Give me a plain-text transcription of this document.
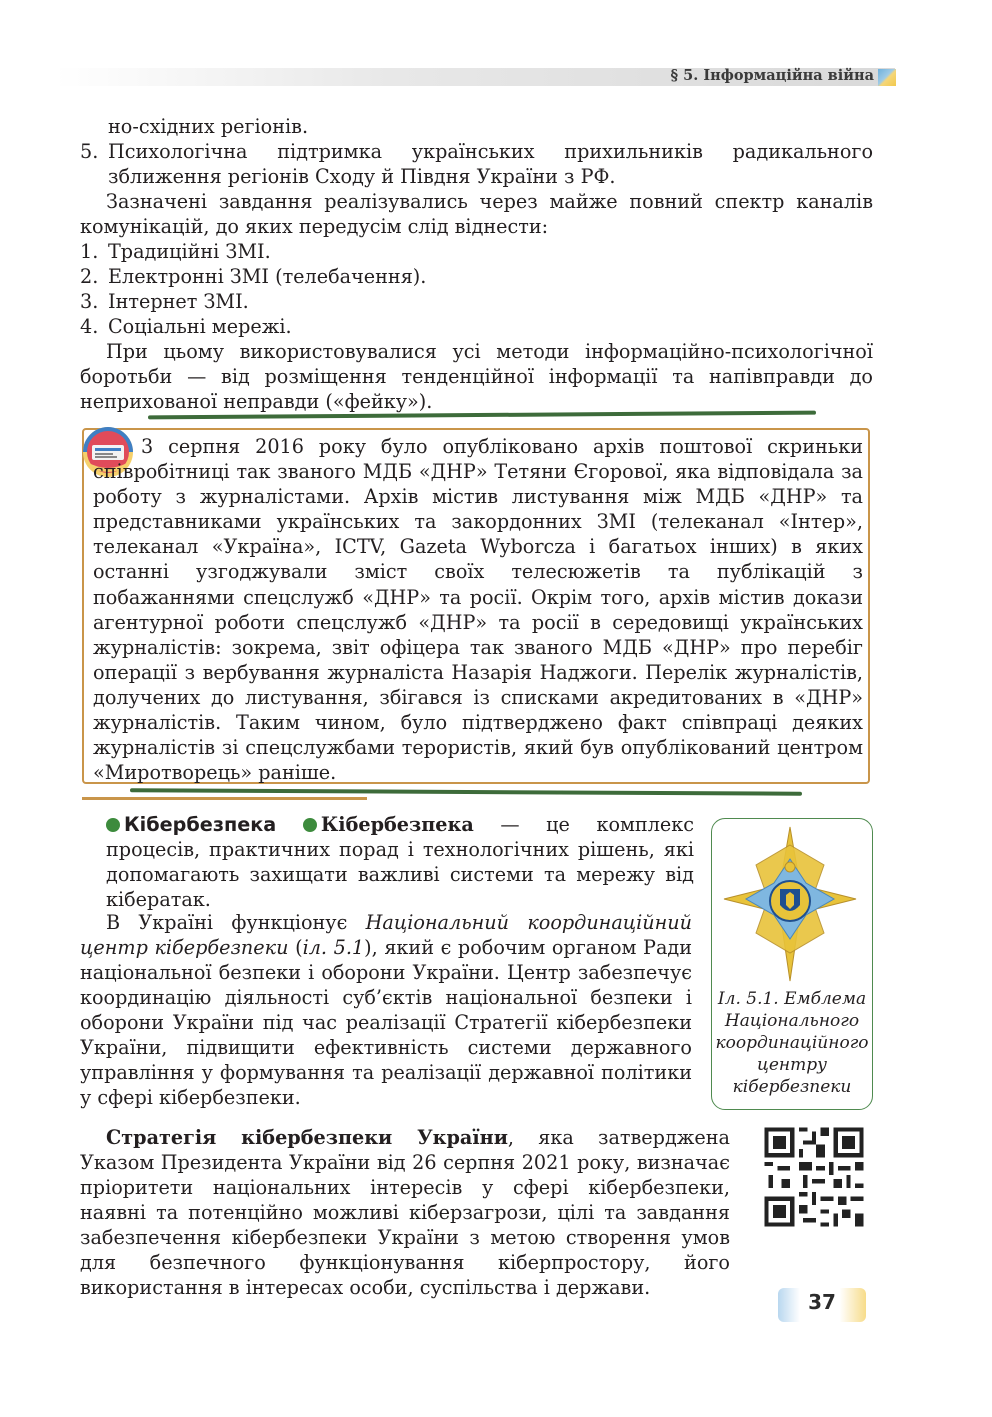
§ 5. Інформаційна війна

но-східних регіонів.

5. Психологічна підтримка українських прихильників радикального зближення регіонів Сходу й Півдня України з РФ.

Зазначені завдання реалізувались через майже повний спектр каналів комунікацій, до яких передусім слід віднести:

1. Традиційні ЗМІ.
2. Електронні ЗМІ (телебачення).
3. Інтернет ЗМІ.
4. Соціальні мережі.

При цьому використовувалися усі методи інформаційно-психологічної боротьби — від розміщення тенденційної інформації та напівправди до неприхованої неправди («фейку»).

3 серпня 2016 року було опубліковано архів поштової скриньки співробітниці так званого МДБ «ДНР» Тетяни Єгорової, яка відповідала за роботу з журналістами. Архів містив листування між МДБ «ДНР» та представниками українських та закордонних ЗМІ (телеканал «Інтер», телеканал «Україна», ICTV, Gazeta Wyborcza і багатьох інших) в яких останні узгоджували зміст своїх телесюжетів та публікацій з побажаннями спецслужб «ДНР» та росії. Окрім того, архів містив докази агентурної роботи спецслужб «ДНР» та росії в середовищі українських журналістів: зокрема, звіт офіцера так званого МДБ «ДНР» про перебіг операції з вербування журналіста Назарія Наджоги. Перелік журналістів, долучених до листування, збігався із списками акредитованих в «ДНР» журналістів. Таким чином, було підтверджено факт співпраці деяких журналістів зі спецслужбами терористів, який був опублікований центром «Миротворець» раніше.

Кібербезпека Кібербезпека — це комплекс процесів, практичних порад і технологічних рішень, які допомагають захищати важливі системи та мережу від кібератак.

В Україні функціонує Національний координаційний центр кібербезпеки (іл. 5.1), який є робочим органом Ради національної безпеки і оборони України. Центр забезпечує координацію діяльності суб’єктів національної безпеки і оборони України під час реалізації Стратегії кібербезпеки України, підвищити ефективність системи державного управління у формування та реалізації державної політики у сфері кібербезпеки.

Іл. 5.1. Емблема Національного координаційного центру кібербезпеки

Стратегія кібербезпеки України, яка затверджена Указом Президента України від 26 серпня 2021 року, визначає пріоритети національних інтересів у сфері кібербезпеки, наявні та потенційно можливі кіберзагрози, цілі та завдання забезпечення кібербезпеки України з метою створення умов для безпечного функціонування кіберпростору, його використання в інтересах особи, суспільства і держави.

37
